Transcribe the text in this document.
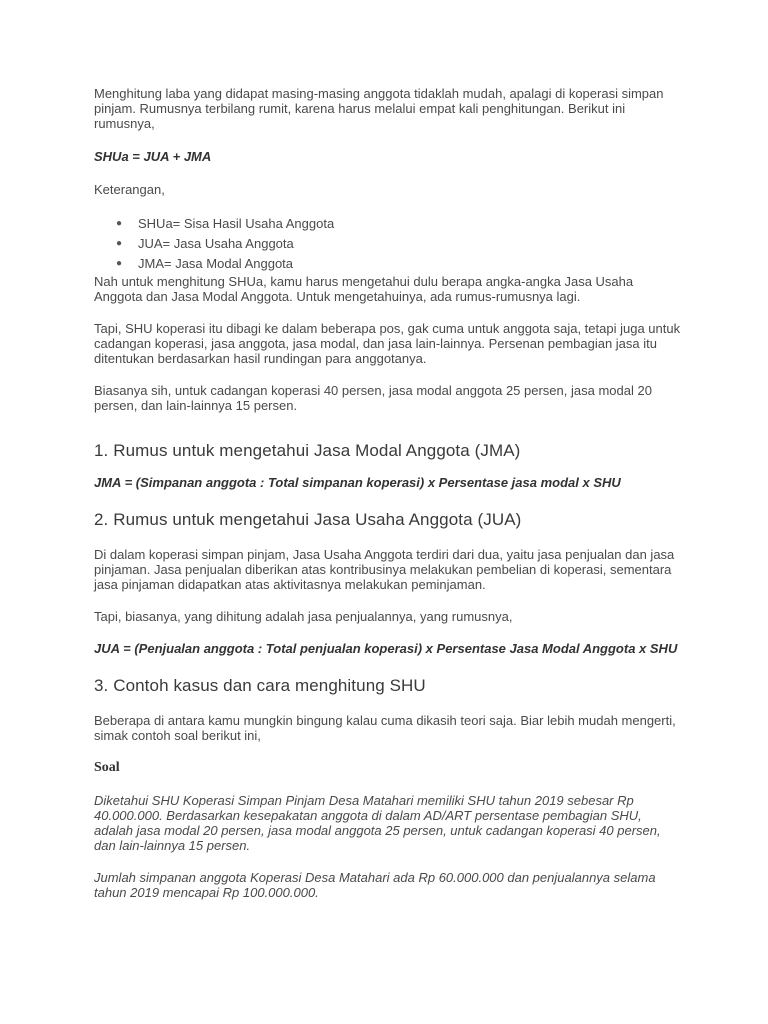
Menghitung laba yang didapat masing-masing anggota tidaklah mudah, apalagi di koperasi simpan pinjam. Rumusnya terbilang rumit, karena harus melalui empat kali penghitungan. Berikut ini rumusnya,

SHUa = JUA + JMA

Keterangan,

● SHUa= Sisa Hasil Usaha Anggota
● JUA= Jasa Usaha Anggota
● JMA= Jasa Modal Anggota

Nah untuk menghitung SHUa, kamu harus mengetahui dulu berapa angka-angka Jasa Usaha Anggota dan Jasa Modal Anggota. Untuk mengetahuinya, ada rumus-rumusnya lagi.

Tapi, SHU koperasi itu dibagi ke dalam beberapa pos, gak cuma untuk anggota saja, tetapi juga untuk cadangan koperasi, jasa anggota, jasa modal, dan jasa lain-lainnya. Persenan pembagian jasa itu ditentukan berdasarkan hasil rundingan para anggotanya.

Biasanya sih, untuk cadangan koperasi 40 persen, jasa modal anggota 25 persen, jasa modal 20 persen, dan lain-lainnya 15 persen.

1. Rumus untuk mengetahui Jasa Modal Anggota (JMA)

JMA = (Simpanan anggota : Total simpanan koperasi) x Persentase jasa modal x SHU

2. Rumus untuk mengetahui Jasa Usaha Anggota (JUA)

Di dalam koperasi simpan pinjam, Jasa Usaha Anggota terdiri dari dua, yaitu jasa penjualan dan jasa pinjaman. Jasa penjualan diberikan atas kontribusinya melakukan pembelian di koperasi, sementara jasa pinjaman didapatkan atas aktivitasnya melakukan peminjaman.

Tapi, biasanya, yang dihitung adalah jasa penjualannya, yang rumusnya,

JUA = (Penjualan anggota : Total penjualan koperasi) x Persentase Jasa Modal Anggota x SHU

3. Contoh kasus dan cara menghitung SHU

Beberapa di antara kamu mungkin bingung kalau cuma dikasih teori saja. Biar lebih mudah mengerti, simak contoh soal berikut ini,

Soal

Diketahui SHU Koperasi Simpan Pinjam Desa Matahari memiliki SHU tahun 2019 sebesar Rp 40.000.000. Berdasarkan kesepakatan anggota di dalam AD/ART persentase pembagian SHU, adalah jasa modal 20 persen, jasa modal anggota 25 persen, untuk cadangan koperasi 40 persen, dan lain-lainnya 15 persen.

Jumlah simpanan anggota Koperasi Desa Matahari ada Rp 60.000.000 dan penjualannya selama tahun 2019 mencapai Rp 100.000.000.
